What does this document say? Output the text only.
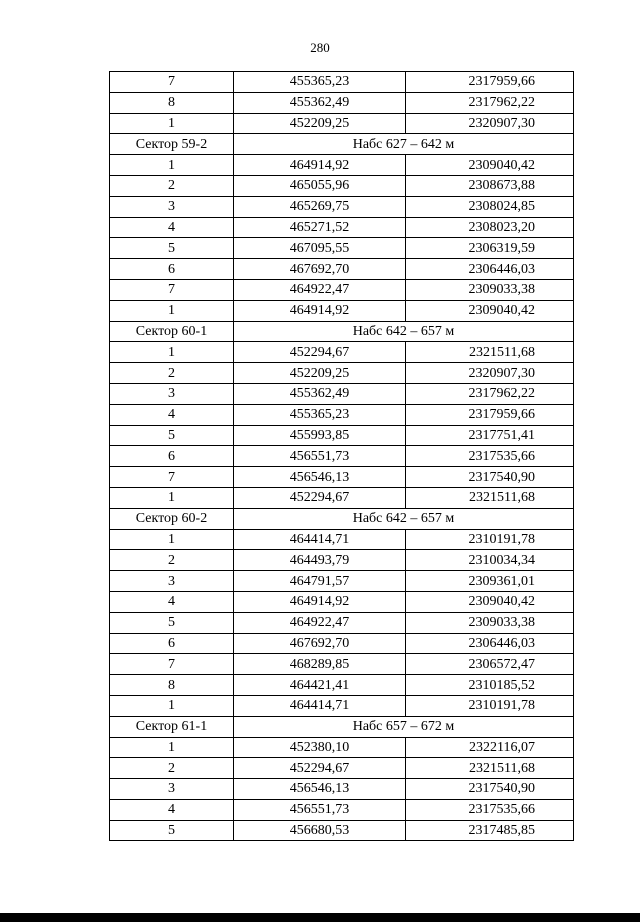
280
7	455365,23	2317959,66
8	455362,49	2317962,22
1	452209,25	2320907,30
Сектор 59-2	Набс 627 – 642 м	
1	464914,92	2309040,42
2	465055,96	2308673,88
3	465269,75	2308024,85
4	465271,52	2308023,20
5	467095,55	2306319,59
6	467692,70	2306446,03
7	464922,47	2309033,38
1	464914,92	2309040,42
Сектор 60-1	Набс 642 – 657 м	
1	452294,67	2321511,68
2	452209,25	2320907,30
3	455362,49	2317962,22
4	455365,23	2317959,66
5	455993,85	2317751,41
6	456551,73	2317535,66
7	456546,13	2317540,90
1	452294,67	2321511,68
Сектор 60-2	Набс 642 – 657 м	
1	464414,71	2310191,78
2	464493,79	2310034,34
3	464791,57	2309361,01
4	464914,92	2309040,42
5	464922,47	2309033,38
6	467692,70	2306446,03
7	468289,85	2306572,47
8	464421,41	2310185,52
1	464414,71	2310191,78
Сектор 61-1	Набс 657 – 672 м	
1	452380,10	2322116,07
2	452294,67	2321511,68
3	456546,13	2317540,90
4	456551,73	2317535,66
5	456680,53	2317485,85
